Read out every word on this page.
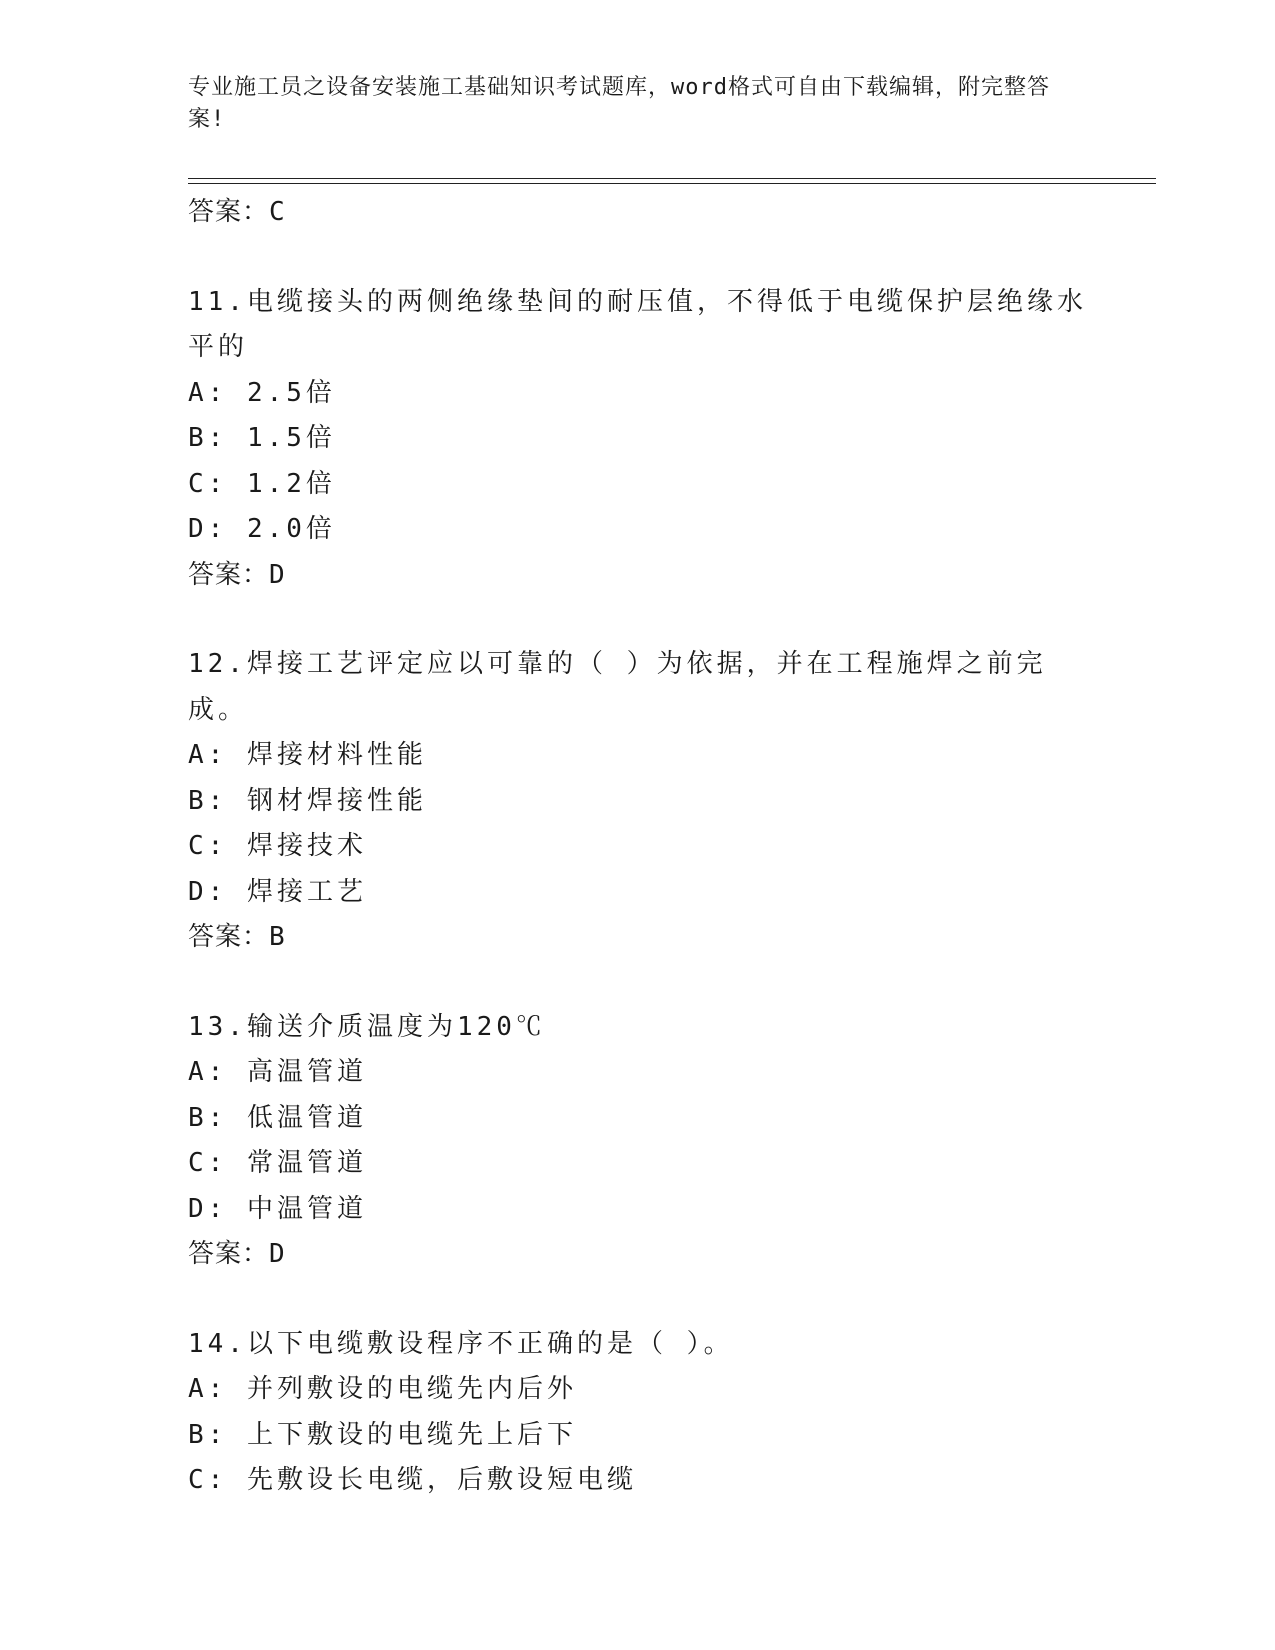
专业施工员之设备安装施工基础知识考试题库，word格式可自由下载编辑，附完整答案!
答案：C
11.电缆接头的两侧绝缘垫间的耐压值，不得低于电缆保护层绝缘水平的
A: 2.5倍
B: 1.5倍
C: 1.2倍
D: 2.0倍
答案：D
12.焊接工艺评定应以可靠的（ ）为依据，并在工程施焊之前完成。
A: 焊接材料性能
B: 钢材焊接性能
C: 焊接技术
D: 焊接工艺
答案：B
13.输送介质温度为120℃
A: 高温管道
B: 低温管道
C: 常温管道
D: 中温管道
答案：D
14.以下电缆敷设程序不正确的是（ ）。
A: 并列敷设的电缆先内后外
B: 上下敷设的电缆先上后下
C: 先敷设长电缆，后敷设短电缆
